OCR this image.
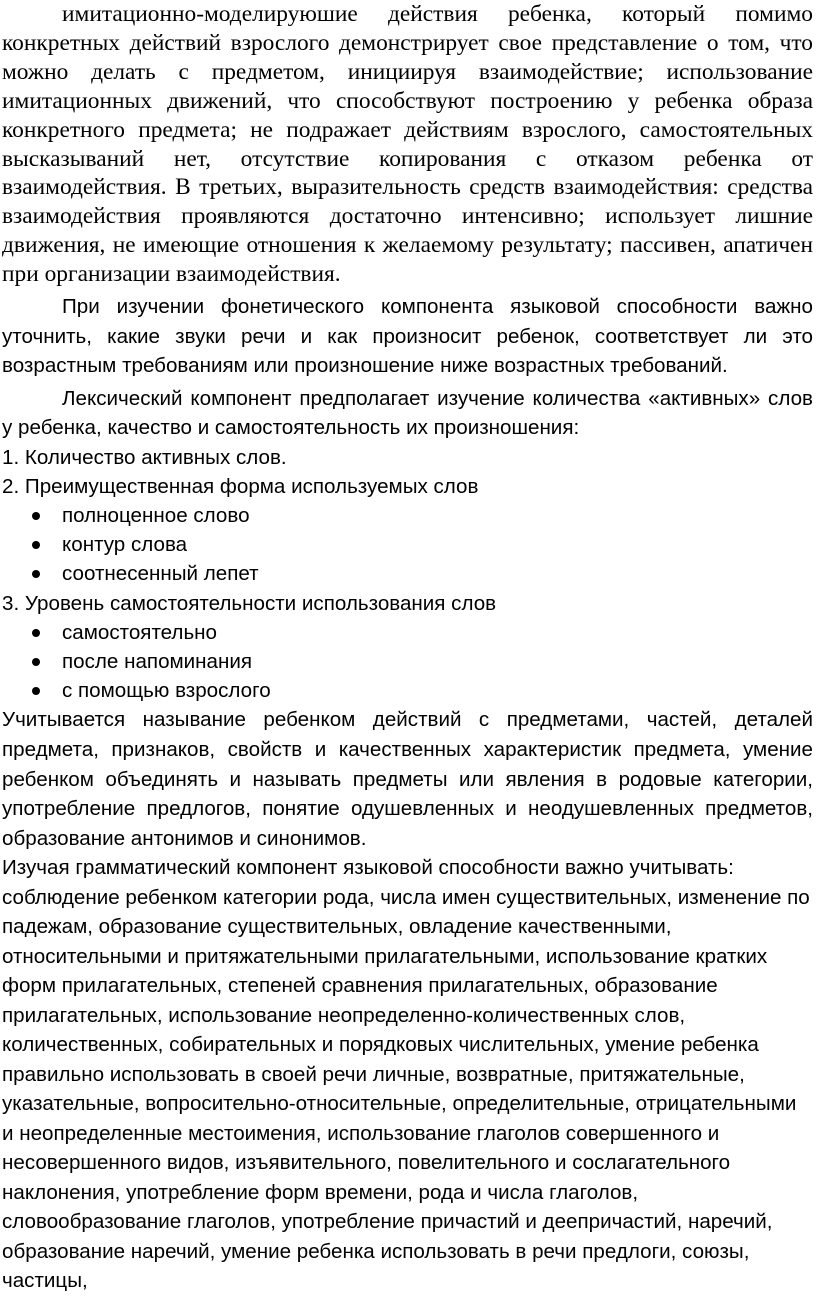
имитационно-моделируюшие действия ребенка, который помимо конкретных действий взрослого демонстрирует свое представление о том, что можно делать с предметом, инициируя взаимодействие; использование имитационных движений, что способствуют построению у ребенка образа конкретного предмета; не подражает действиям взрослого, самостоятельных высказываний нет, отсутствие копирования с отказом ребенка от взаимодействия. В третьих, выразительность средств взаимодействия: средства взаимодействия проявляются достаточно интенсивно; использует лишние движения, не имеющие отношения к желаемому результату; пассивен, апатичен при организации взаимодействия.

При изучении фонетического компонента языковой способности важно уточнить, какие звуки речи и как произносит ребенок, соответствует ли это возрастным требованиям или произношение ниже возрастных требований.

Лексический компонент предполагает изучение количества «активных» слов у ребенка, качество и самостоятельность их произношения:

1. Количество активных слов.
2. Преимущественная форма используемых слов
полноценное слово
контур слова
соотнесенный лепет
3. Уровень самостоятельности использования слов
самостоятельно
после напоминания
с помощью взрослого

Учитывается называние ребенком действий с предметами, частей, деталей предмета, признаков, свойств и качественных характеристик предмета, умение ребенком объединять и называть предметы или явления в родовые категории, употребление предлогов, понятие одушевленных и неодушевленных предметов, образование антонимов и синонимов.

Изучая грамматический компонент языковой способности важно учитывать: соблюдение ребенком категории рода, числа имен существительных, изменение по падежам, образование существительных, овладение качественными, относительными и притяжательными прилагательными, использование кратких форм прилагательных, степеней сравнения прилагательных, образование прилагательных, использование неопределенно-количественных слов, количественных, собирательных и порядковых числительных, умение ребенка правильно использовать в своей речи личные, возвратные, притяжательные, указательные, вопросительно-относительные, определительные, отрицательными и неопределенные местоимения, использование глаголов совершенного и несовершенного видов, изъявительного, повелительного и сослагательного наклонения, употребление форм времени, рода и числа глаголов, словообразование глаголов, употребление причастий и деепричастий, наречий, образование наречий, умение ребенка использовать в речи предлоги, союзы, частицы,
